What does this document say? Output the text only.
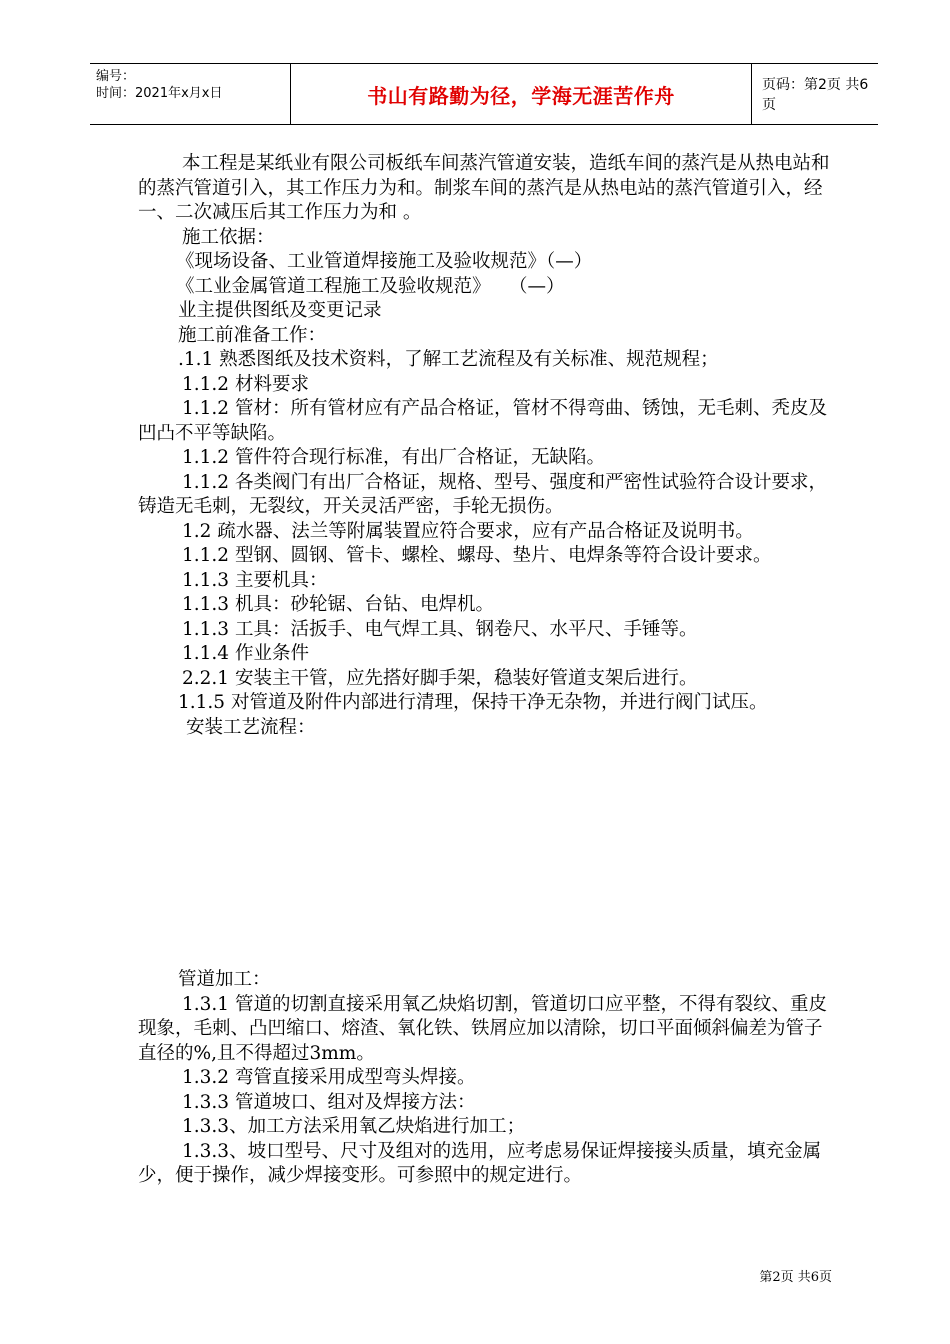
编号：
时间：2021年x月x日	书山有路勤为径，学海无涯苦作舟	页码：第2页 共6页

本工程是某纸业有限公司板纸车间蒸汽管道安装，造纸车间的蒸汽是从热电站和的蒸汽管道引入，其工作压力为和。制浆车间的蒸汽是从热电站的蒸汽管道引入，经一、二次减压后其工作压力为和 。

施工依据：

《现场设备、工业管道焊接施工及验收规范》（—）

《工业金属管道工程施工及验收规范》　　（—）

业主提供图纸及变更记录

施工前准备工作：

.1.1 熟悉图纸及技术资料，了解工艺流程及有关标准、规范规程；

1.1.2 材料要求

1.1.2 管材：所有管材应有产品合格证，管材不得弯曲、锈蚀，无毛刺、秃皮及凹凸不平等缺陷。

1.1.2 管件符合现行标准，有出厂合格证，无缺陷。

1.1.2 各类阀门有出厂合格证，规格、型号、强度和严密性试验符合设计要求，铸造无毛刺，无裂纹，开关灵活严密，手轮无损伤。

1.2 疏水器、法兰等附属装置应符合要求，应有产品合格证及说明书。

1.1.2 型钢、圆钢、管卡、螺栓、螺母、垫片、电焊条等符合设计要求。

1.1.3 主要机具：

1.1.3 机具：砂轮锯、台钻、电焊机。

1.1.3 工具：活扳手、电气焊工具、钢卷尺、水平尺、手锤等。

1.1.4 作业条件

2.2.1 安装主干管，应先搭好脚手架，稳装好管道支架后进行。

1.1.5 对管道及附件内部进行清理，保持干净无杂物，并进行阀门试压。

安装工艺流程：

管道加工：

1.3.1 管道的切割直接采用氧乙炔焰切割，管道切口应平整，不得有裂纹、重皮现象，毛刺、凸凹缩口、熔渣、氧化铁、铁屑应加以清除，切口平面倾斜偏差为管子直径的%,且不得超过3mm。

1.3.2 弯管直接采用成型弯头焊接。

1.3.3 管道坡口、组对及焊接方法：

1.3.3、加工方法采用氧乙炔焰进行加工；

1.3.3、坡口型号、尺寸及组对的选用，应考虑易保证焊接接头质量，填充金属少，便于操作，减少焊接变形。可参照中的规定进行。

第2页 共6页
